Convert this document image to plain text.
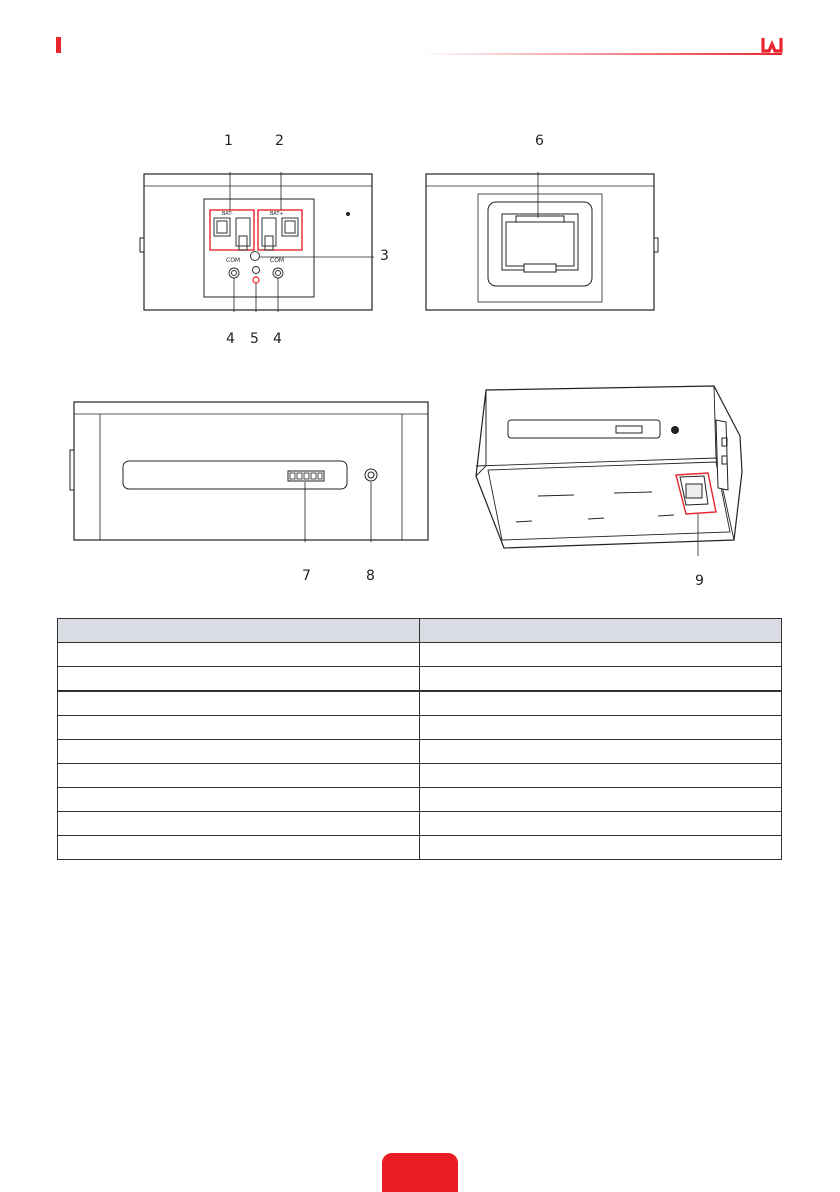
1	2
3
4 5 4
6
7	8	9
COM	COM
BAT-	BAT+
